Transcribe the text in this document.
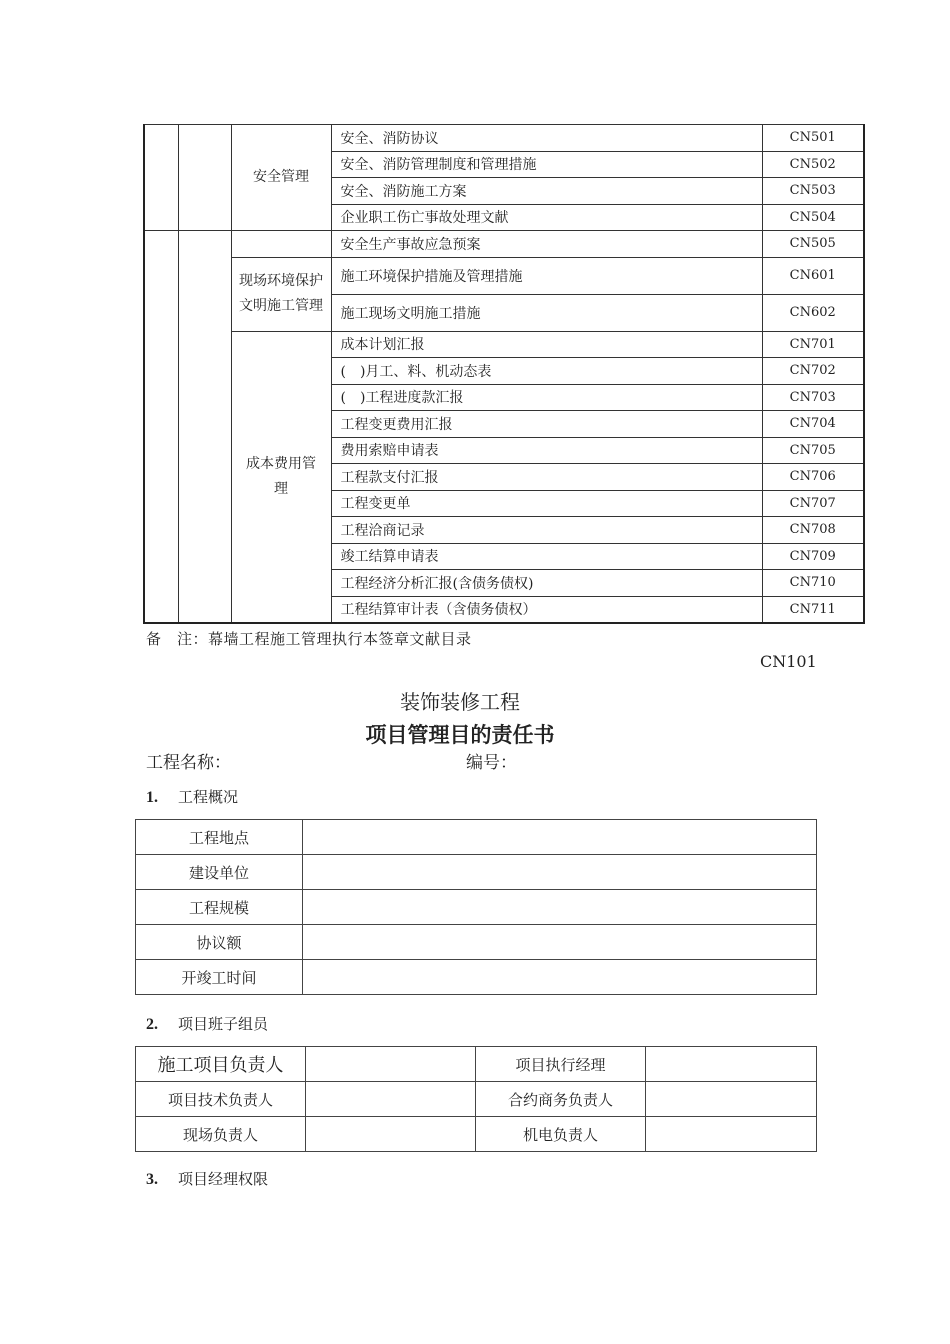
		安全管理	安全、消防协议	CN501
			安全、消防管理制度和管理措施	CN502
			安全、消防施工方案	CN503
			企业职工伤亡事故处理文献	CN504
			安全生产事故应急预案	CN505
		现场环境保护文明施工管理	施工环境保护措施及管理措施	CN601
			施工现场文明施工措施	CN602
		成本费用管理	成本计划汇报	CN701
			(　)月工、料、机动态表	CN702
			(　)工程进度款汇报	CN703
			工程变更费用汇报	CN704
			费用索赔申请表	CN705
			工程款支付汇报	CN706
			工程变更单	CN707
			工程洽商记录	CN708
			竣工结算申请表	CN709
			工程经济分析汇报(含债务债权)	CN710
			工程结算审计表（含债务债权）	CN711
备　注：幕墙工程施工管理执行本签章文献目录
CN101
装饰装修工程
项目管理目的责任书
工程名称：	编号：
1. 工程概况
工程地点	
建设单位	
工程规模	
协议额	
开竣工时间	
2. 项目班子组员
施工项目负责人		项目执行经理	
项目技术负责人		合约商务负责人	
现场负责人		机电负责人	
3. 项目经理权限
